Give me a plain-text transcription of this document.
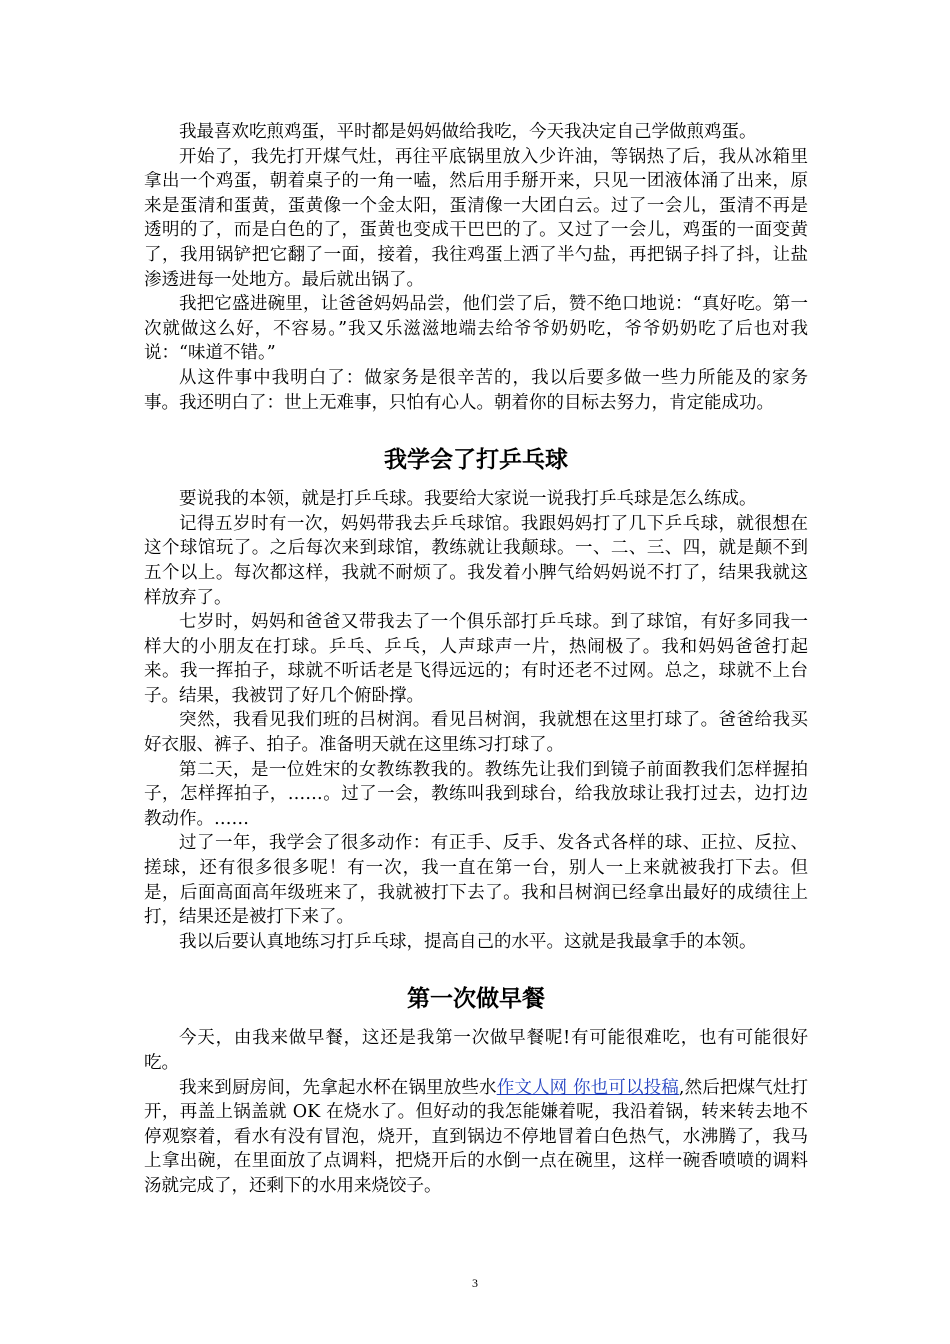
我最喜欢吃煎鸡蛋，平时都是妈妈做给我吃，今天我决定自己学做煎鸡蛋。

开始了，我先打开煤气灶，再往平底锅里放入少许油，等锅热了后，我从冰箱里拿出一个鸡蛋，朝着桌子的一角一嗑，然后用手掰开来，只见一团液体涌了出来，原来是蛋清和蛋黄，蛋黄像一个金太阳，蛋清像一大团白云。过了一会儿，蛋清不再是透明的了，而是白色的了，蛋黄也变成干巴巴的了。又过了一会儿，鸡蛋的一面变黄了，我用锅铲把它翻了一面，接着，我往鸡蛋上洒了半勺盐，再把锅子抖了抖，让盐渗透进每一处地方。最后就出锅了。

我把它盛进碗里，让爸爸妈妈品尝，他们尝了后，赞不绝口地说：“真好吃。第一次就做这么好，不容易。”我又乐滋滋地端去给爷爷奶奶吃，爷爷奶奶吃了后也对我说：“味道不错。”

从这件事中我明白了：做家务是很辛苦的，我以后要多做一些力所能及的家务事。我还明白了：世上无难事，只怕有心人。朝着你的目标去努力，肯定能成功。

我学会了打乒乓球

要说我的本领，就是打乒乓球。我要给大家说一说我打乒乓球是怎么练成。

记得五岁时有一次，妈妈带我去乒乓球馆。我跟妈妈打了几下乒乓球，就很想在这个球馆玩了。之后每次来到球馆，教练就让我颠球。一、二、三、四，就是颠不到五个以上。每次都这样，我就不耐烦了。我发着小脾气给妈妈说不打了，结果我就这样放弃了。

七岁时，妈妈和爸爸又带我去了一个俱乐部打乒乓球。到了球馆，有好多同我一样大的小朋友在打球。乒乓、乒乓，人声球声一片，热闹极了。我和妈妈爸爸打起来。我一挥拍子，球就不听话老是飞得远远的；有时还老不过网。总之，球就不上台子。结果，我被罚了好几个俯卧撑。

突然，我看见我们班的吕树润。看见吕树润，我就想在这里打球了。爸爸给我买好衣服、裤子、拍子。准备明天就在这里练习打球了。

第二天，是一位姓宋的女教练教我的。教练先让我们到镜子前面教我们怎样握拍子，怎样挥拍子，……。过了一会，教练叫我到球台，给我放球让我打过去，边打边教动作。……

过了一年，我学会了很多动作：有正手、反手、发各式各样的球、正拉、反拉、搓球，还有很多很多呢！有一次，我一直在第一台，别人一上来就被我打下去。但是，后面高面高年级班来了，我就被打下去了。我和吕树润已经拿出最好的成绩往上打，结果还是被打下来了。

我以后要认真地练习打乒乓球，提高自己的水平。这就是我最拿手的本领。

第一次做早餐

今天，由我来做早餐，这还是我第一次做早餐呢!有可能很难吃，也有可能很好吃。

我来到厨房间，先拿起水杯在锅里放些水作文人网 你也可以投稿,然后把煤气灶打开，再盖上锅盖就 OK 在烧水了。但好动的我怎能嫌着呢，我沿着锅，转来转去地不停观察着，看水有没有冒泡，烧开，直到锅边不停地冒着白色热气，水沸腾了，我马上拿出碗，在里面放了点调料，把烧开后的水倒一点在碗里，这样一碗香喷喷的调料汤就完成了，还剩下的水用来烧饺子。

3
